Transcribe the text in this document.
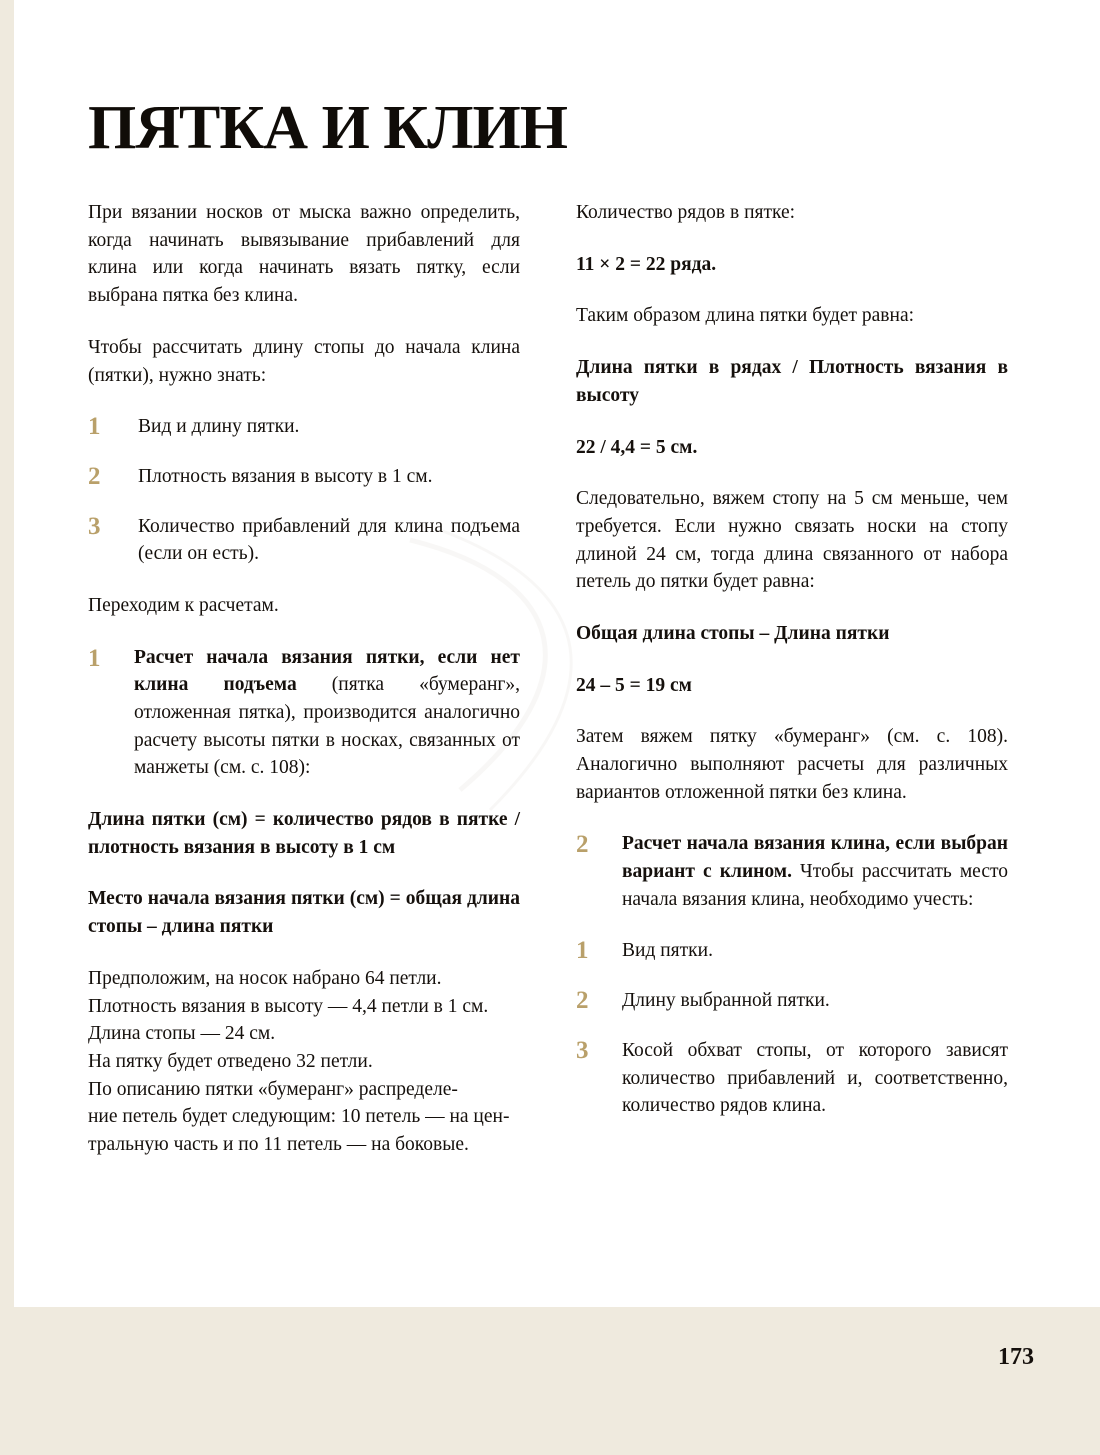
ПЯТКА И КЛИН

При вязании носков от мыска важно определить, когда начинать вывязывание прибавлений для клина или когда начинать вязать пятку, если выбрана пятка без клина.

Чтобы рассчитать длину стопы до начала клина (пятки), нужно знать:

1 Вид и длину пятки.
2 Плотность вязания в высоту в 1 см.
3 Количество прибавлений для клина подъема (если он есть).

Переходим к расчетам.

1 Расчет начала вязания пятки, если нет клина подъема (пятка «бумеранг», отложенная пятка), производится аналогично расчету высоты пятки в носках, связанных от манжеты (см. с. 108):

Длина пятки (см) = количество рядов в пятке / плотность вязания в высоту в 1 см

Место начала вязания пятки (см) = общая длина стопы – длина пятки

Предположим, на носок набрано 64 петли.

Плотность вязания в высоту — 4,4 петли в 1 см.

Длина стопы — 24 см.

На пятку будет отведено 32 петли.

По описанию пятки «бумеранг» распределе-

ние петель будет следующим: 10 петель — на цен-

тральную часть и по 11 петель — на боковые.

Количество рядов в пятке:

11 × 2 = 22 ряда.

Таким образом длина пятки будет равна:

Длина пятки в рядах / Плотность вязания в высоту

22 / 4,4 = 5 см.

Следовательно, вяжем стопу на 5 см меньше, чем требуется. Если нужно связать носки на стопу длиной 24 см, тогда длина связанного от набора петель до пятки будет равна:

Общая длина стопы – Длина пятки

24 – 5 = 19 см

Затем вяжем пятку «бумеранг» (см. с. 108). Аналогично выполняют расчеты для различных вариантов отложенной пятки без клина.

2 Расчет начала вязания клина, если выбран вариант с клином. Чтобы рассчитать место начала вязания клина, необходимо учесть:
1 Вид пятки.
2 Длину выбранной пятки.
3 Косой обхват стопы, от которого зависят количество прибавлений и, соответственно, количество рядов клина.
173
